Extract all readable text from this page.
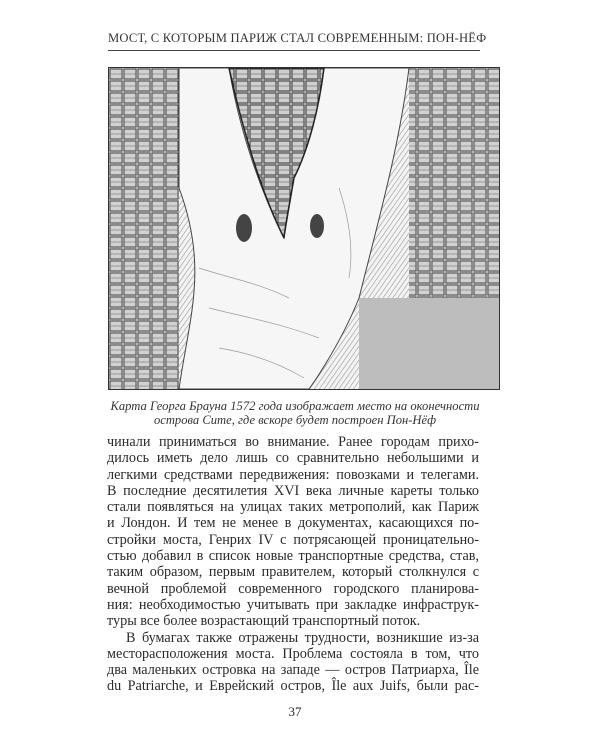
МОСТ, С КОТОРЫМ ПАРИЖ СТАЛ СОВРЕМЕННЫМ: ПОН-НЁФ
Карта Георга Брауна 1572 года изображает место на оконечности
острова Сите, где вскоре будет построен Пон-Нёф

чинали приниматься во внимание. Ранее городам прихо-
дилось иметь дело лишь со сравнительно небольшими и
легкими средствами передвижения: повозками и телегами.
В последние десятилетия XVI века личные кареты только
стали появляться на улицах таких метрополий, как Париж
и Лондон. И тем не менее в документах, касающихся по-
стройки моста, Генрих IV с потрясающей проницательно-
стью добавил в список новые транспортные средства, став,
таким образом, первым правителем, который столкнулся с
вечной проблемой современного городского планирова-
ния: необходимостью учитывать при закладке инфраструк-
туры все более возрастающий транспортный поток.

В бумагах также отражены трудности, возникшие из-за
месторасположения моста. Проблема состояла в том, что
два маленьких островка на западе — остров Патриарха, Île
du Patriarche, и Еврейский остров, Île aux Juifs, были рас-

37
